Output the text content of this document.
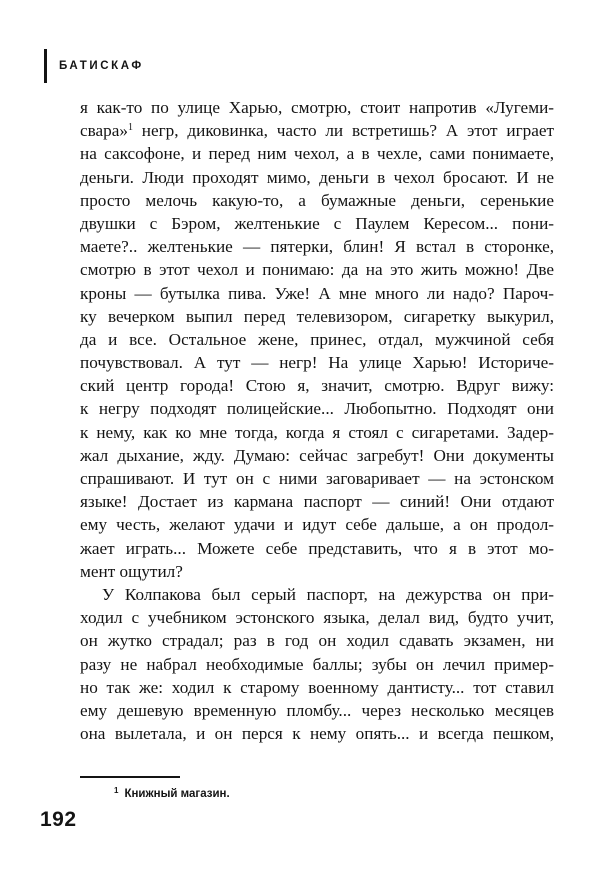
БАТИСКАФ
я как-то по улице Харью, смотрю, стоит напротив «Лугеми-
свара»$^1$ негр, диковинка, часто ли встретишь? А этот играет
на саксофоне, и перед ним чехол, а в чехле, сами понимаете,
деньги. Люди проходят мимо, деньги в чехол бросают. И не
просто мелочь какую-то, а бумажные деньги, серенькие
двушки с Бэром, желтенькие с Паулем Кересом... пони-
маете?.. желтенькие — пятерки, блин! Я встал в сторонке,
смотрю в этот чехол и понимаю: да на это жить можно! Две
кроны — бутылка пива. Уже! А мне много ли надо? Пароч-
ку вечерком выпил перед телевизором, сигаретку выкурил,
да и все. Остальное жене, принес, отдал, мужчиной себя
почувствовал. А тут — негр! На улице Харью! Историче-
ский центр города! Стою я, значит, смотрю. Вдруг вижу:
к негру подходят полицейские... Любопытно. Подходят они
к нему, как ко мне тогда, когда я стоял с сигаретами. Задер-
жал дыхание, жду. Думаю: сейчас загребут! Они документы
спрашивают. И тут он с ними заговаривает — на эстонском
языке! Достает из кармана паспорт — синий! Они отдают
ему честь, желают удачи и идут себе дальше, а он продол-
жает играть... Можете себе представить, что я в этот мо-
мент ощутил?
У Колпакова был серый паспорт, на дежурства он при-
ходил с учебником эстонского языка, делал вид, будто учит,
он жутко страдал; раз в год он ходил сдавать экзамен, ни
разу не набрал необходимые баллы; зубы он лечил пример-
но так же: ходил к старому военному дантисту... тот ставил
ему дешевую временную пломбу... через несколько месяцев
она вылетала, и он перся к нему опять... и всегда пешком,
$^1$ Книжный магазин.
192
